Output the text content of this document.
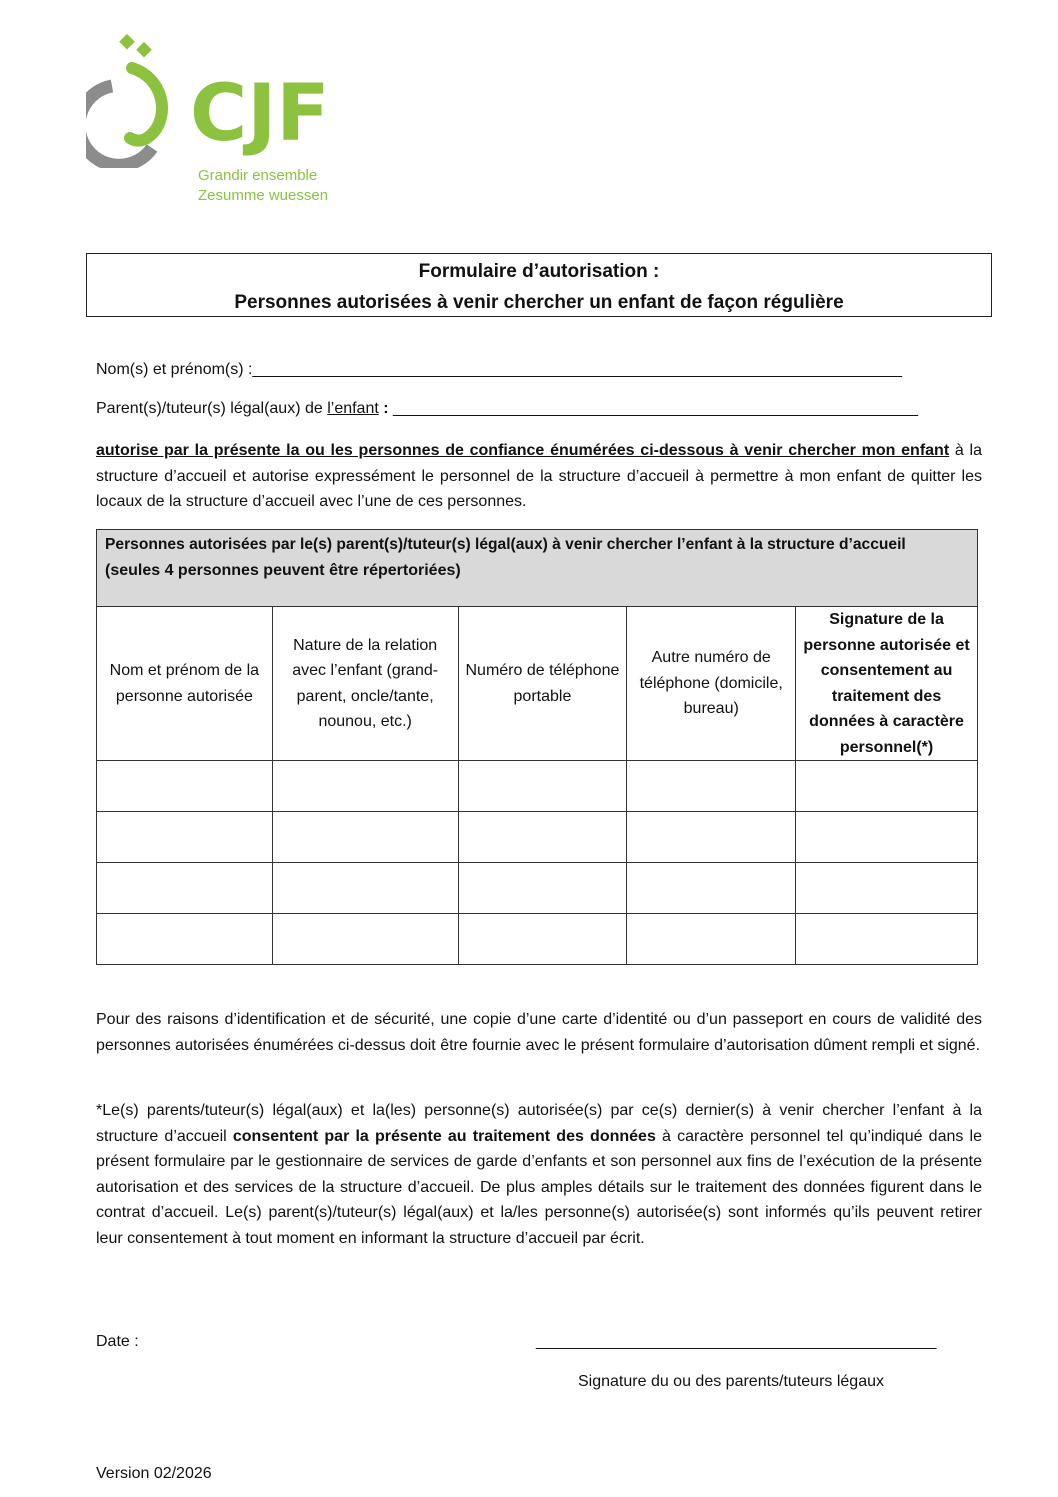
CJF
Grandir ensemble
Zesumme wuessen
Formulaire d’autorisation :
Personnes autorisées à venir chercher un enfant de façon régulière
Nom(s) et prénom(s) :_________________________________________________________________________
Parent(s)/tuteur(s) légal(aux) de l’enfant : ___________________________________________________________
autorise par la présente la ou les personnes de confiance énumérées ci-dessous à venir chercher mon enfant à la structure d’accueil et autorise expressément le personnel de la structure d’accueil à permettre à mon enfant de quitter les locaux de la structure d’accueil avec l’une de ces personnes.
Personnes autorisées par le(s) parent(s)/tuteur(s) légal(aux) à venir chercher l’enfant à la structure d’accueil
(seules 4 personnes peuvent être répertoriées)				

Nom et prénom de la personne autorisée	Nature de la relation avec l’enfant (grand-parent, oncle/tante, nounou, etc.)	Numéro de téléphone portable	Autre numéro de téléphone (domicile, bureau)	Signature de la personne autorisée et consentement au traitement des données à caractère personnel(*)

Pour des raisons d’identification et de sécurité, une copie d’une carte d’identité ou d’un passeport en cours de validité des personnes autorisées énumérées ci-dessus doit être fournie avec le présent formulaire d’autorisation dûment rempli et signé.
*Le(s) parents/tuteur(s) légal(aux) et la(les) personne(s) autorisée(s) par ce(s) dernier(s) à venir chercher l’enfant à la structure d’accueil consentent par la présente au traitement des données à caractère personnel tel qu’indiqué dans le présent formulaire par le gestionnaire de services de garde d’enfants et son personnel aux fins de l’exécution de la présente autorisation et des services de la structure d’accueil. De plus amples détails sur le traitement des données figurent dans le contrat d’accueil. Le(s) parent(s)/tuteur(s) légal(aux) et la/les personne(s) autorisée(s) sont informés qu’ils peuvent retirer leur consentement à tout moment en informant la structure d’accueil par écrit.
Date :	_____________________________________________
Signature du ou des parents/tuteurs légaux
Version 02/2026
